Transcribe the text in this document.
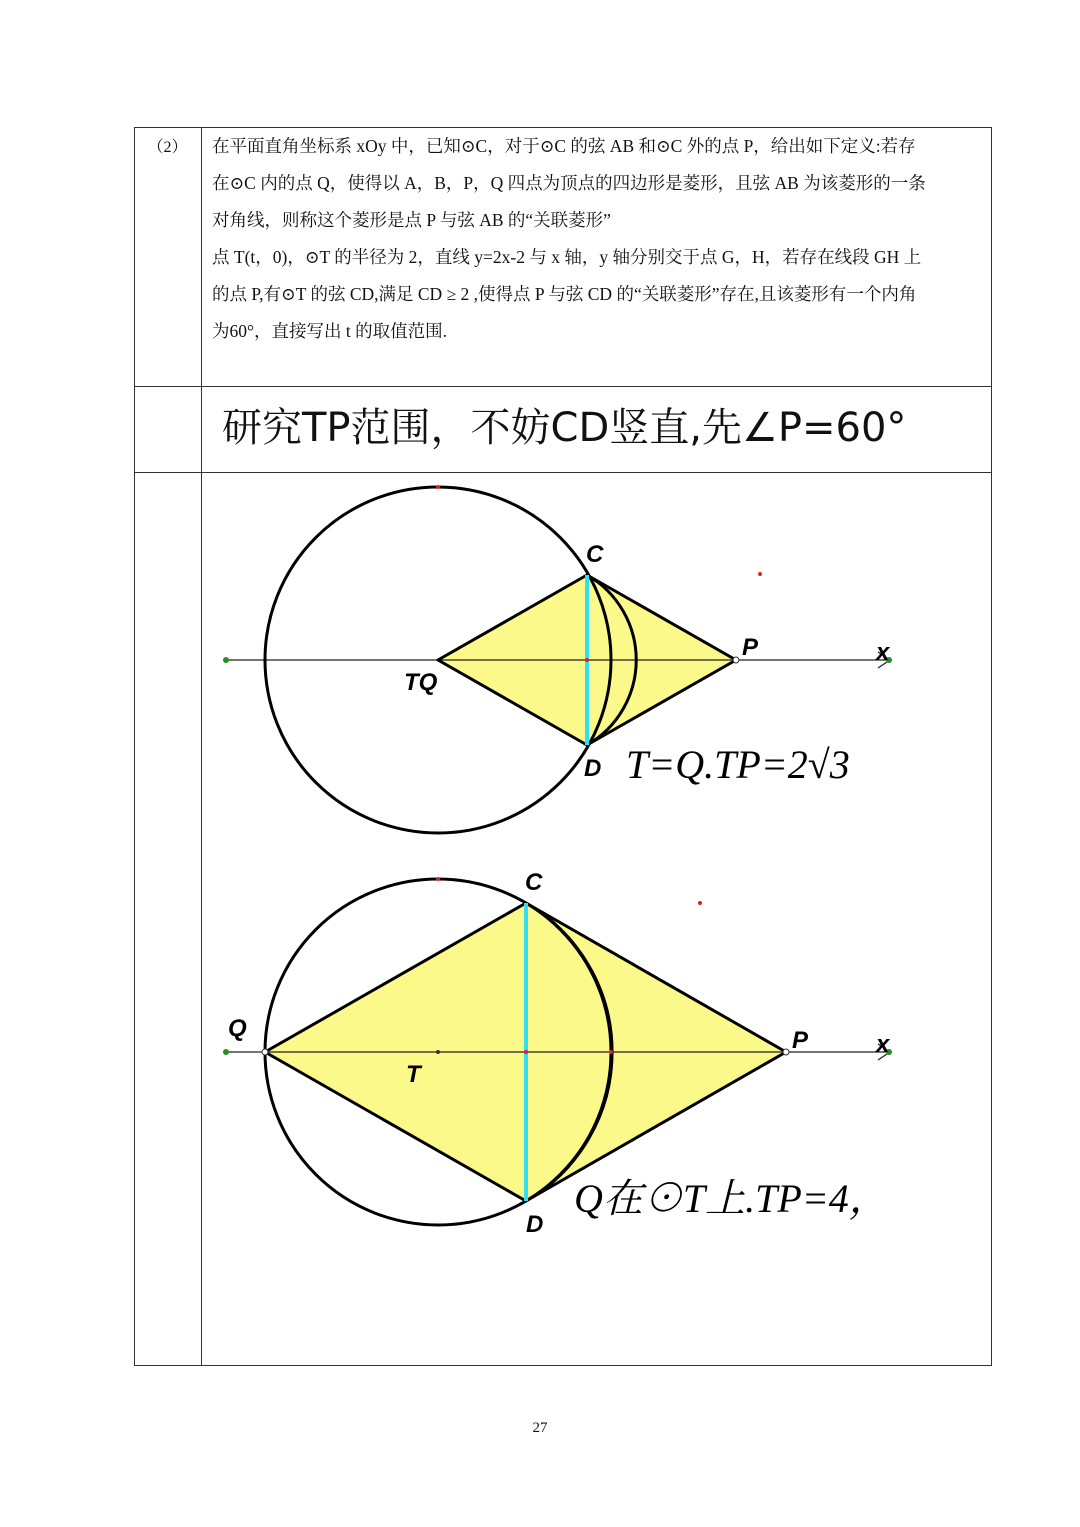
（2）	在平面直角坐标系 xOy 中，已知⊙C，对于⊙C 的弦 AB 和⊙C 外的点 P，给出如下定义:若存

在⊙C 内的点 Q，使得以 A，B，P，Q 四点为顶点的四边形是菱形，且弦 AB 为该菱形的一条

对角线，则称这个菱形是点 P 与弦 AB 的“关联菱形”

点 T(t，0)，⊙T 的半径为 2，直线 y=2x-2 与 x 轴，y 轴分别交于点 G，H，若存在线段 GH 上

的点 P,有⊙T 的弦 CD,满足 CD ≥ 2 ,使得点 P 与弦 CD 的“关联菱形”存在,且该菱形有一个内角

为60°，直接写出 t 的取值范围.

研究TP范围，不妨CD竖直,先∠P=60°
C
D
P	x
TQ
T=Q.TP=2√3
C
D
P	x
Q
T
Q在⊙T上.TP=4，
27
